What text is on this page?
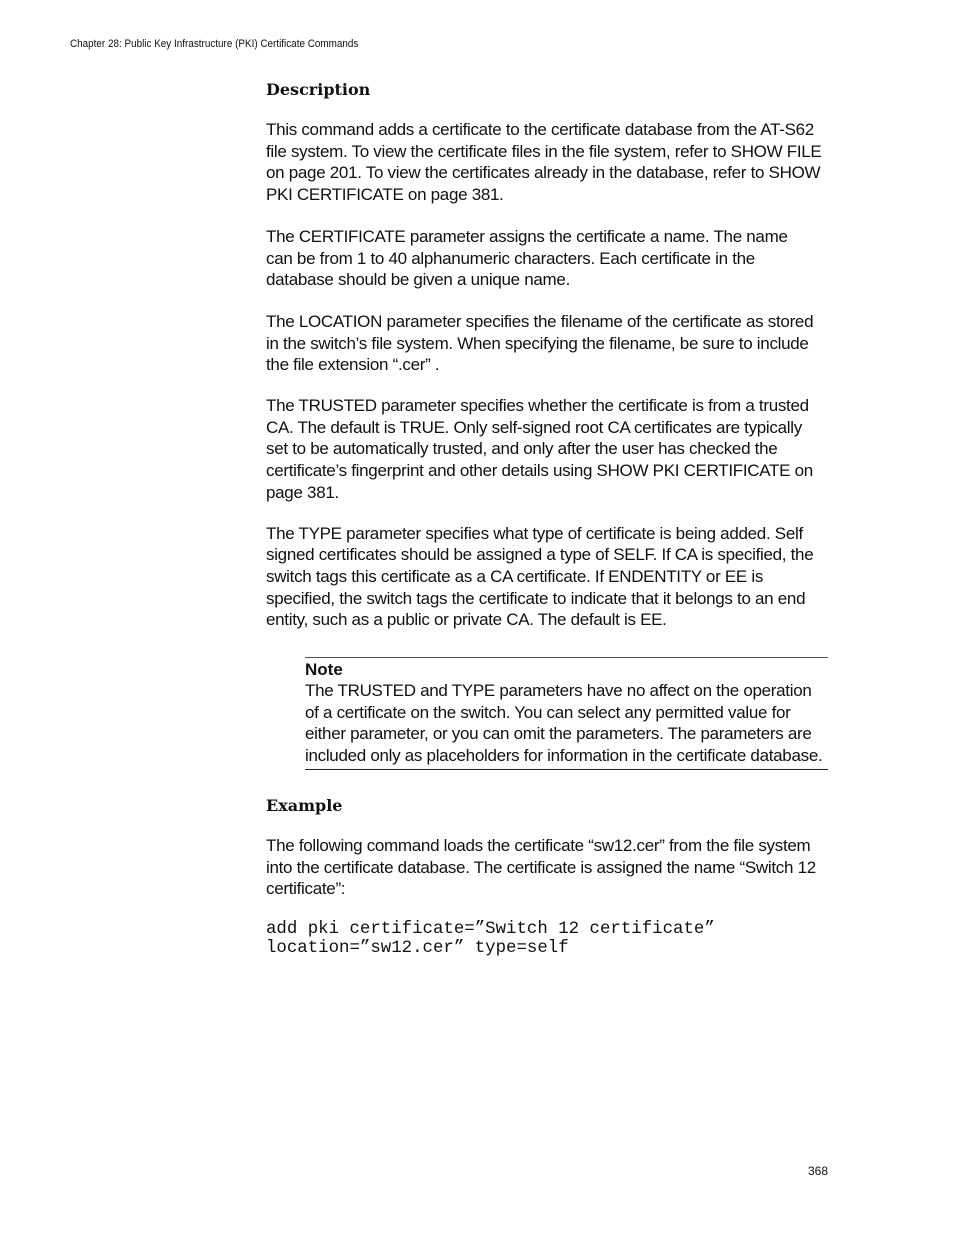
Chapter 28: Public Key Infrastructure (PKI) Certificate Commands
Description

This command adds a certificate to the certificate database from the AT-S62 file system. To view the certificate files in the file system, refer to SHOW FILE on page 201. To view the certificates already in the database, refer to SHOW PKI CERTIFICATE on page 381.

The CERTIFICATE parameter assigns the certificate a name. The name can be from 1 to 40 alphanumeric characters. Each certificate in the database should be given a unique name.

The LOCATION parameter specifies the filename of the certificate as stored in the switch’s file system. When specifying the filename, be sure to include the file extension “.cer” .

The TRUSTED parameter specifies whether the certificate is from a trusted CA. The default is TRUE. Only self-signed root CA certificates are typically set to be automatically trusted, and only after the user has checked the certificate’s fingerprint and other details using SHOW PKI CERTIFICATE on page 381.

The TYPE parameter specifies what type of certificate is being added. Self signed certificates should be assigned a type of SELF. If CA is specified, the switch tags this certificate as a CA certificate. If ENDENTITY or EE is specified, the switch tags the certificate to indicate that it belongs to an end entity, such as a public or private CA. The default is EE.

Note

The TRUSTED and TYPE parameters have no affect on the operation of a certificate on the switch. You can select any permitted value for either parameter, or you can omit the parameters. The parameters are included only as placeholders for information in the certificate database.

Example

The following command loads the certificate “sw12.cer” from the file system into the certificate database. The certificate is assigned the name “Switch 12 certificate”:

add pki certificate=”Switch 12 certificate”

location=”sw12.cer” type=self

368
